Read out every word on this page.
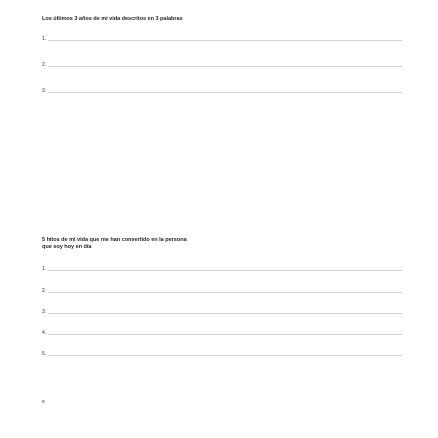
Los últimos 3 años de mi vida descritos en 3 palabras
1.
2.
3.
5 hitos de mi vida que me han convertido en la persona que soy hoy en día
1.
2.
3.
4.
5.
e
